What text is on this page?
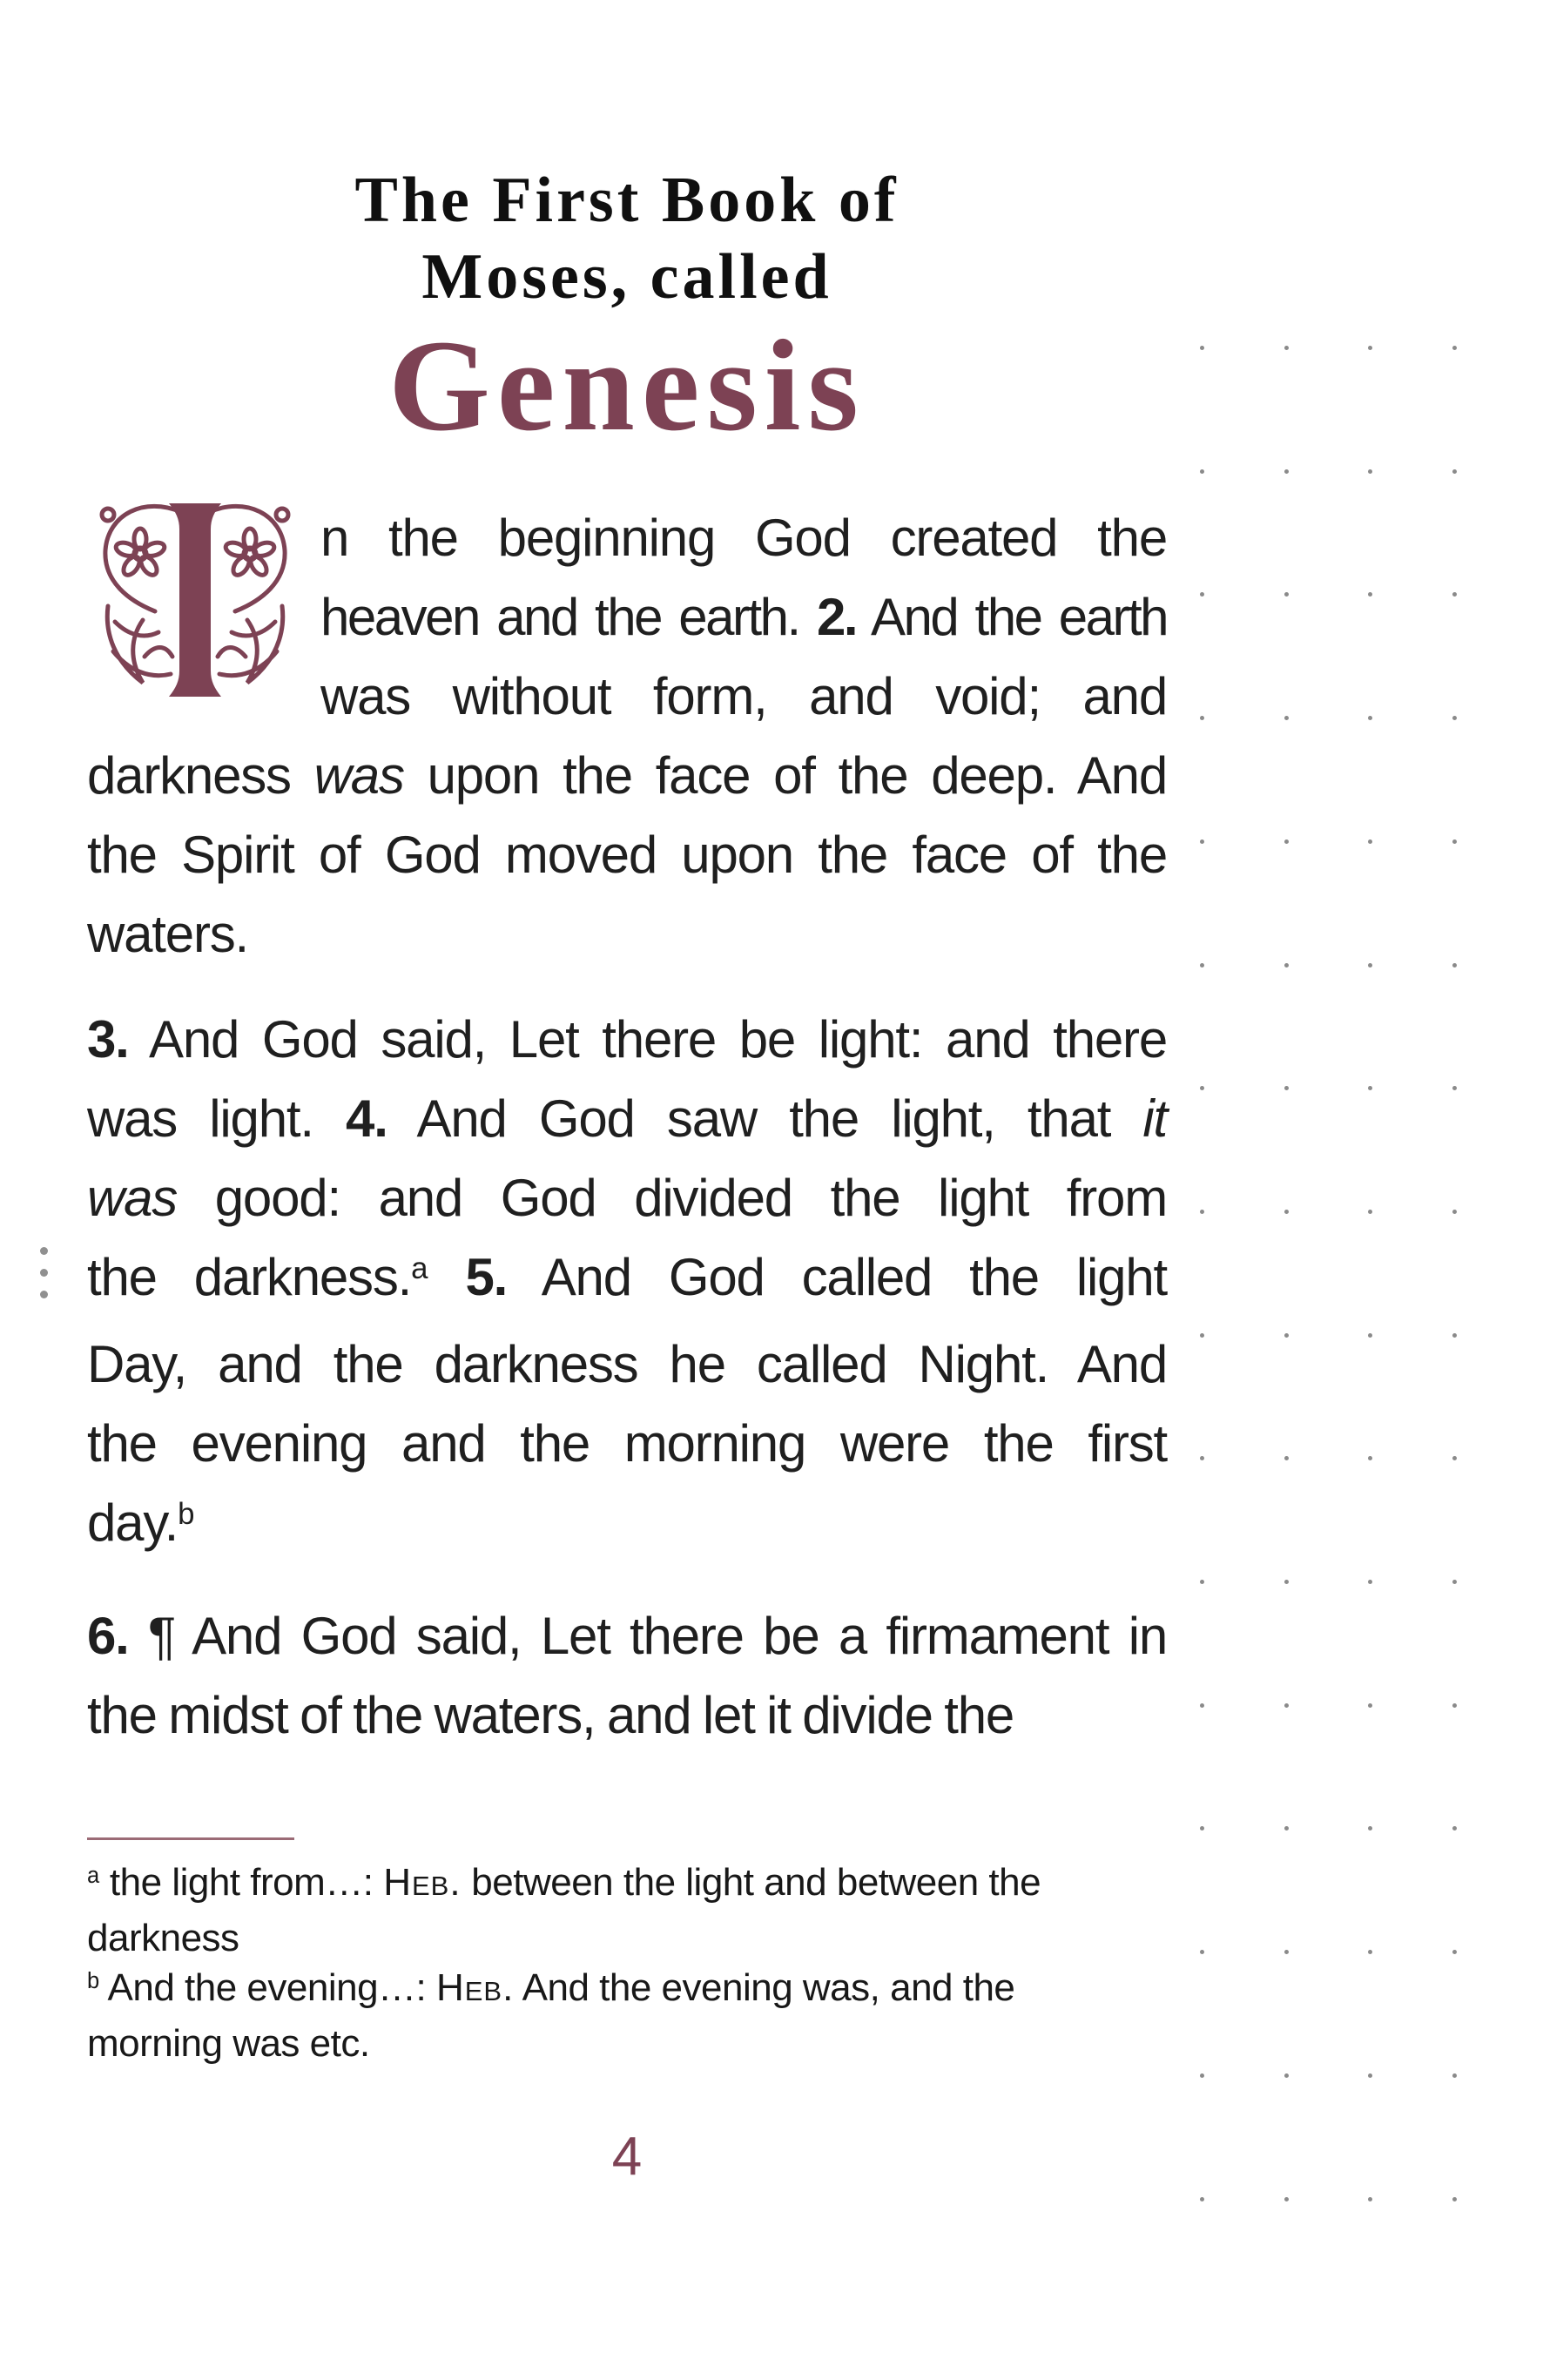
The First Book of
Moses, called
Genesis
n the beginning God created the
heaven and the earth. 2. And the earth
was without form, and void; and
darkness was upon the face of the deep. And
the Spirit of God moved upon the face of the
waters.
3. And God said, Let there be light: and there
was light. 4. And God saw the light, that it
was good: and God divided the light from
the darkness.$^a$ 5. And God called the light
Day, and the darkness he called Night. And
the evening and the morning were the first
day.$^b$
6. ¶ And God said, Let there be a firmament in
the midst of the waters, and let it divide the
$^a$ the light from…: Heb. between the light and between the
darkness
$^b$ And the evening…: Heb. And the evening was, and the
morning was etc.
4
